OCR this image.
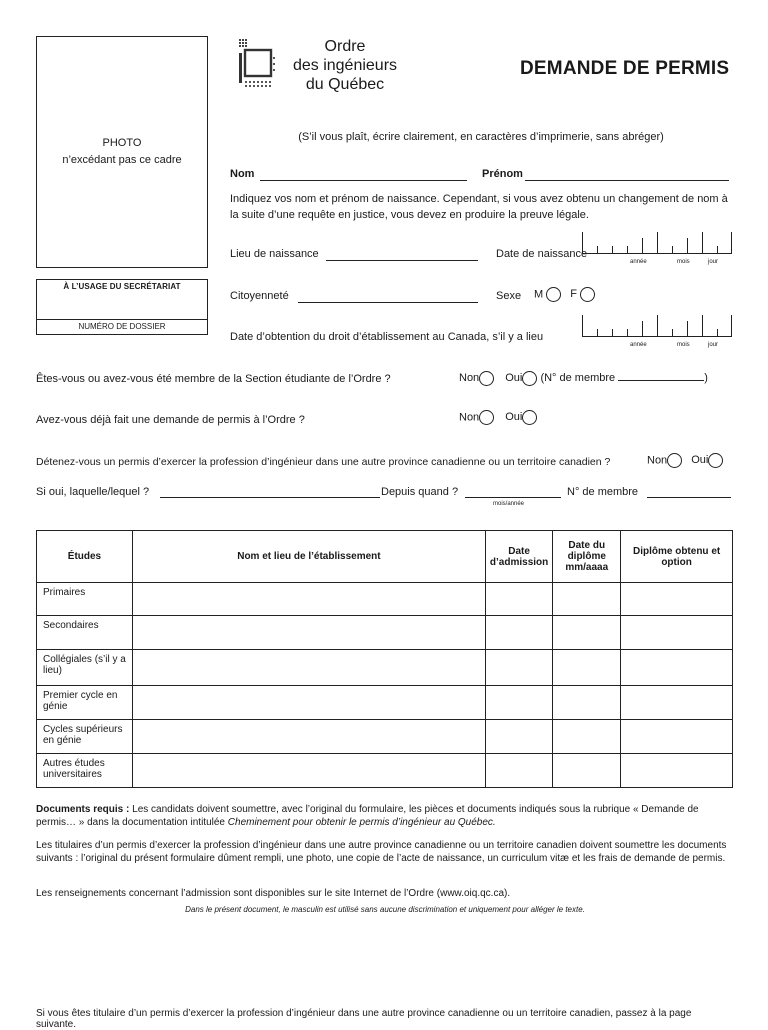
PHOTO
n’excédant pas ce cadre
À L’USAGE DU SECRÉTARIAT
NUMÉRO DE DOSSIER
Ordre
des ingénieurs
du Québec
DEMANDE DE PERMIS
(S’il vous plaît, écrire clairement, en caractères d’imprimerie, sans abréger)
Nom	Prénom
Indiquez vos nom et prénom de naissance. Cependant, si vous avez obtenu un changement de nom à la suite d’une requête en justice, vous devez en produire la preuve légale.
Lieu de naissance	Date de naissance
année	mois	jour
Citoyenneté	Sexe M F
Date d’obtention du droit d’établissement au Canada, s’il y a lieu
année	mois	jour
Êtes-vous ou avez-vous été membre de la Section étudiante de l’Ordre ?	Non Oui (N° de membre	)
Avez-vous déjà fait une demande de permis à l’Ordre ?	Non Oui
Détenez-vous un permis d’exercer la profession d’ingénieur dans une autre province canadienne ou un territoire canadien ?	Non Oui
Si oui, laquelle/lequel ?	Depuis quand ?
mois/année
N° de membre
Études	Nom et lieu de l’établissement	Date d’admission	Date du diplôme mm/aaaa	Diplôme obtenu et option
Primaires				
Secondaires				
Collégiales (s’il y a lieu)				
Premier cycle en génie				
Cycles supérieurs en génie				
Autres études universitaires				
Documents requis : Les candidats doivent soumettre, avec l’original du formulaire, les pièces et documents indiqués sous la rubrique « Demande de permis… » dans la documentation intitulée Cheminement pour obtenir le permis d’ingénieur au Québec.
Les titulaires d’un permis d’exercer la profession d’ingénieur dans une autre province canadienne ou un territoire canadien doivent soumettre les documents suivants : l’original du présent formulaire dûment rempli, une photo, une copie de l’acte de naissance, un curriculum vitæ et les frais de demande de permis.
Les renseignements concernant l’admission sont disponibles sur le site Internet de l’Ordre (www.oiq.qc.ca).
Dans le présent document, le masculin est utilisé sans aucune discrimination et uniquement pour alléger le texte.
Si vous êtes titulaire d’un permis d’exercer la profession d’ingénieur dans une autre province canadienne ou un territoire canadien, passez à la page suivante.
